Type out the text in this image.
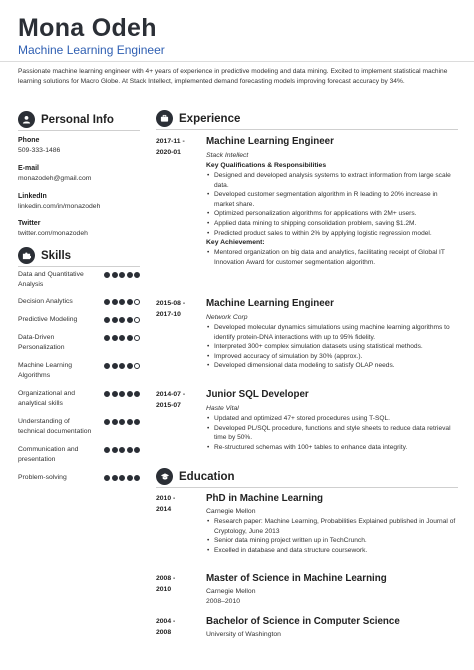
Mona Odeh
Machine Learning Engineer
Passionate machine learning engineer with 4+ years of experience in predictive modeling and data mining. Excited to implement statistical machine learning solutions for Macro Globe. At Stack Intellect, implemented demand forecasting models improving forecast accuracy by 34%.
Personal Info
Phone
509-333-1486
E-mail
monazodeh@gmail.com
LinkedIn
linkedin.com/in/monazodeh
Twitter
twitter.com/monazodeh
Skills
Data and Quantitative Analysis
Decision Analytics
Predictive Modeling
Data-Driven Personalization
Machine Learning Algorithms
Organizational and analytical skills
Understanding of technical documentation
Communication and presentation
Problem-solving
Experience
2017-11 -
2020-01
Machine Learning Engineer
Stack Intellect
Key Qualifications & Responsibilities
• Designed and developed analysis systems to extract information from large scale data.
• Developed customer segmentation algorithm in R leading to 20% increase in market share.
• Optimized personalization algorithms for applications with 2M+ users.
• Applied data mining to shipping consolidation problem, saving $1.2M.
• Predicted product sales to within 2% by applying logistic regression model.
Key Achievement:
• Mentored organization on big data and analytics, facilitating receipt of Global IT Innovation Award for customer segmentation algorithm.
2015-08 -
2017-10
Machine Learning Engineer
Network Corp
• Developed molecular dynamics simulations using machine learning algorithms to identify protein-DNA interactions with up to 95% fidelity.
• Interpreted 300+ complex simulation datasets using statistical methods.
• Improved accuracy of simulation by 30% (approx.).
• Developed dimensional data modeling to satisfy OLAP needs.
2014-07 -
2015-07
Junior SQL Developer
Haste Vital
• Updated and optimized 47+ stored procedures using T-SQL.
• Developed PL/SQL procedure, functions and style sheets to reduce data retrieval time by 50%.
• Re-structured schemas with 100+ tables to enhance data integrity.
Education
2010 -
2014
PhD in Machine Learning
Carnegie Mellon
• Research paper: Machine Learning, Probabilities Explained published in Journal of Cryptology, June 2013
• Senior data mining project written up in TechCrunch.
• Excelled in database and data structure coursework.
2008 -
2010
Master of Science in Machine Learning
Carnegie Mellon
2008–2010
2004 -
2008
Bachelor of Science in Computer Science
University of Washington
